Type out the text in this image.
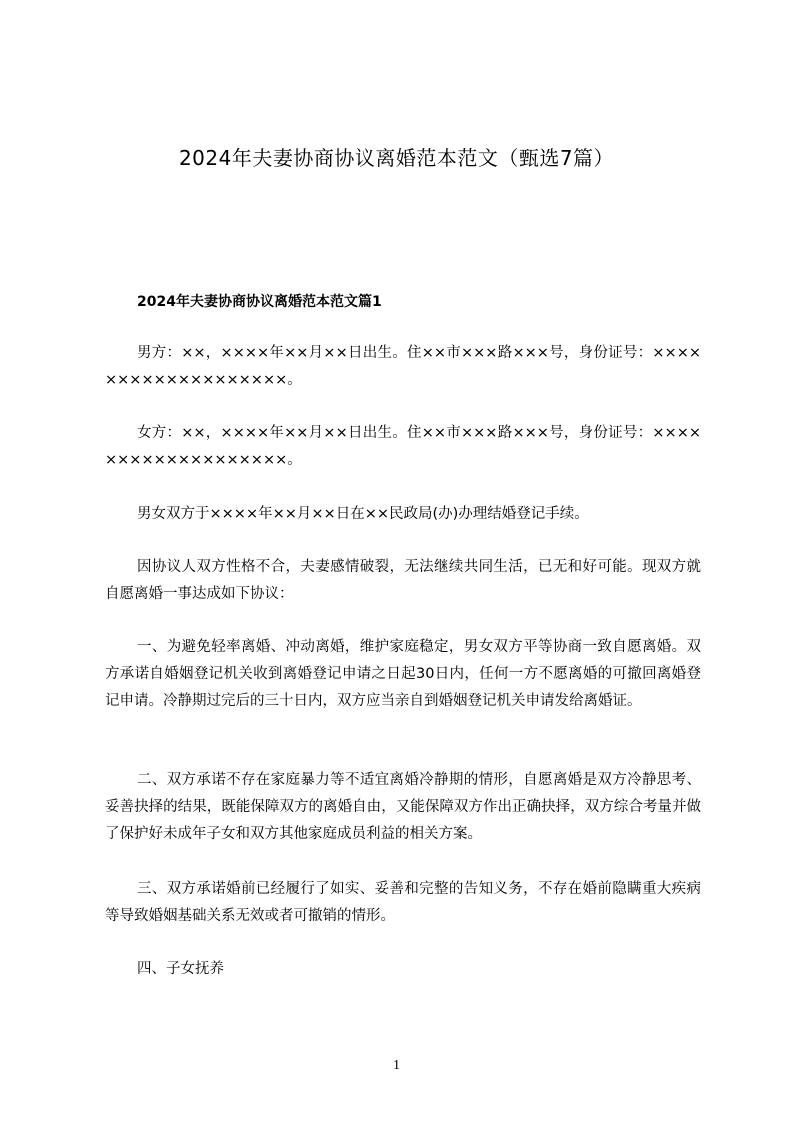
2024年夫妻协商协议离婚范本范文（甄选7篇）
2024年夫妻协商协议离婚范本范文篇1
男方：××，××××年××月××日出生。住××市×××路×××号，身份证号：×××××××××××××××××××。
女方：××，××××年××月××日出生。住××市×××路×××号，身份证号：×××××××××××××××××××。
男女双方于××××年××月××日在××民政局(办)办理结婚登记手续。
因协议人双方性格不合，夫妻感情破裂，无法继续共同生活，已无和好可能。现双方就自愿离婚一事达成如下协议：
一、为避免轻率离婚、冲动离婚，维护家庭稳定，男女双方平等协商一致自愿离婚。双方承诺自婚姻登记机关收到离婚登记申请之日起30日内，任何一方不愿离婚的可撤回离婚登记申请。冷静期过完后的三十日内，双方应当亲自到婚姻登记机关申请发给离婚证。
二、双方承诺不存在家庭暴力等不适宜离婚冷静期的情形，自愿离婚是双方冷静思考、妥善抉择的结果，既能保障双方的离婚自由，又能保障双方作出正确抉择，双方综合考量并做了保护好未成年子女和双方其他家庭成员利益的相关方案。
三、双方承诺婚前已经履行了如实、妥善和完整的告知义务，不存在婚前隐瞒重大疾病等导致婚姻基础关系无效或者可撤销的情形。
四、子女抚养
1
